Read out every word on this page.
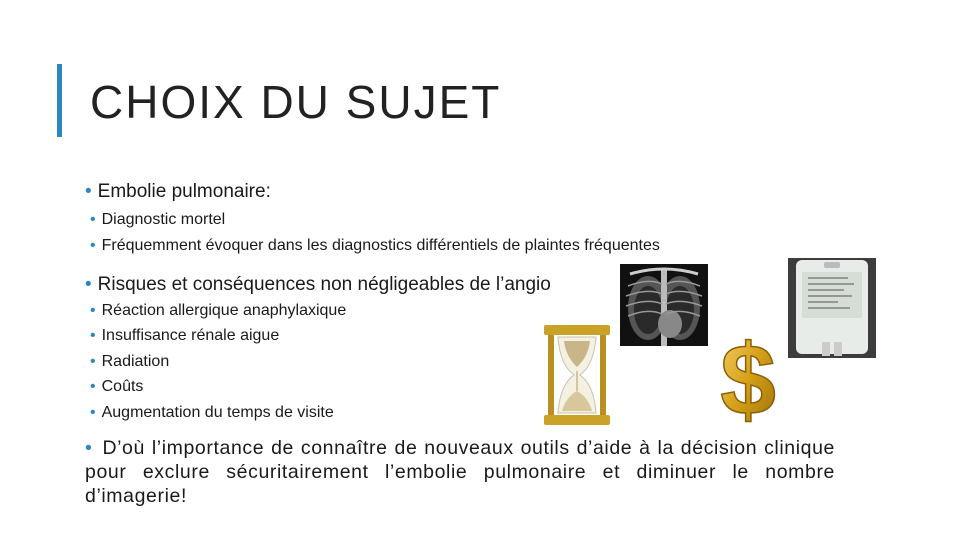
CHOIX DU SUJET
• Embolie pulmonaire:
• Diagnostic mortel
• Fréquemment évoquer dans les diagnostics différentiels de plaintes fréquentes
• Risques et conséquences non négligeables de l’angio
• Réaction allergique anaphylaxique
• Insuffisance rénale aigue
• Radiation
• Coûts
• Augmentation du temps de visite
• D’où l’importance de connaître de nouveaux outils d’aide à la décision clinique pour exclure sécuritairement l’embolie pulmonaire et diminuer le nombre d’imagerie!
$
